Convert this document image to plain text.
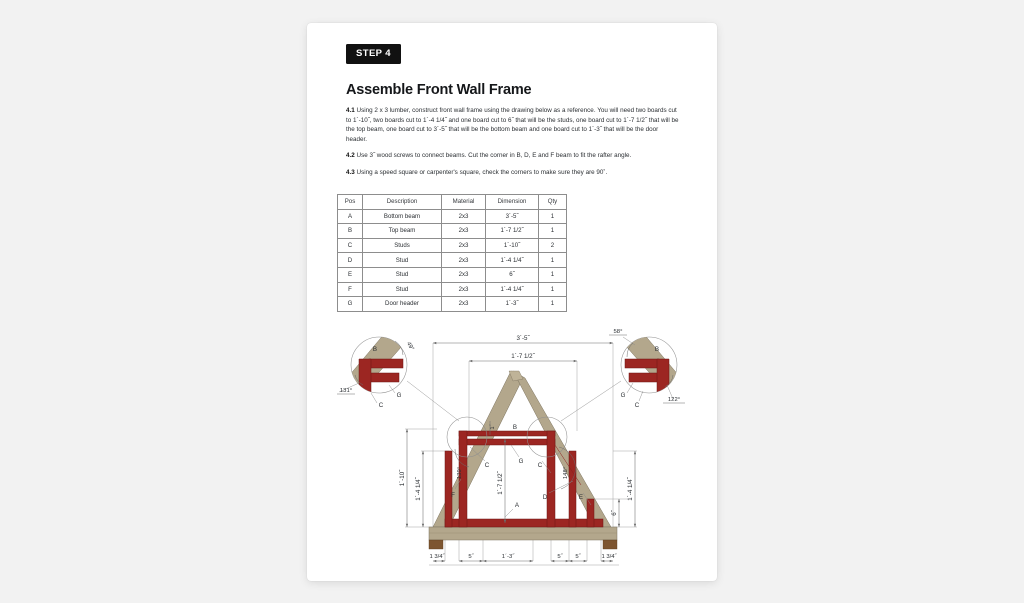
STEP 4
Assemble Front Wall Frame
4.1 Using 2 x 3 lumber, construct front wall frame using the drawing below as a reference. You will need two boards cut to 1´-10˝, two boards cut to 1´-4 1/4˝ and one board cut to 6˝ that will be the studs, one board cut to 1´-7 1/2˝ that will be the top beam, one board cut to 3´-5˝ that will be the bottom beam and one board cut to 1´-3˝ that will be the door header.
4.2 Use 3˝ wood screws to connect beams. Cut the corner in B, D, E and F beam to fit the rafter angle.
4.3 Using a speed square or carpenter's square, check the corners to make sure they are 90˚.
Pos	Description	Material	Dimension	Qty
A	Bottom beam	2x3	3´-5˝	1
B	Top beam	2x3	1´-7 1/2˝	1
C	Studs	2x3	1´-10˝	2
D	Stud	2x3	1´-4 1/4˝	1
E	Stud	2x3	6˝	1
F	Stud	2x3	1´-4 1/4˝	1
G	Door header	2x3	1´-3˝	1
3´-5˝
1´-7 1/2˝
1´-10˝ 1´-4 1/4˝	1´-4 1/4˝
6˝
1´-7 1/2˝
1˝
1 3/4˝	5˝	1´-3˝	5˝ 5˝	1 3/4˝
F
C
G
C
A
D	E
B
139°	148°
131°
49°
B
G
C
58°
122°
B
G
C
